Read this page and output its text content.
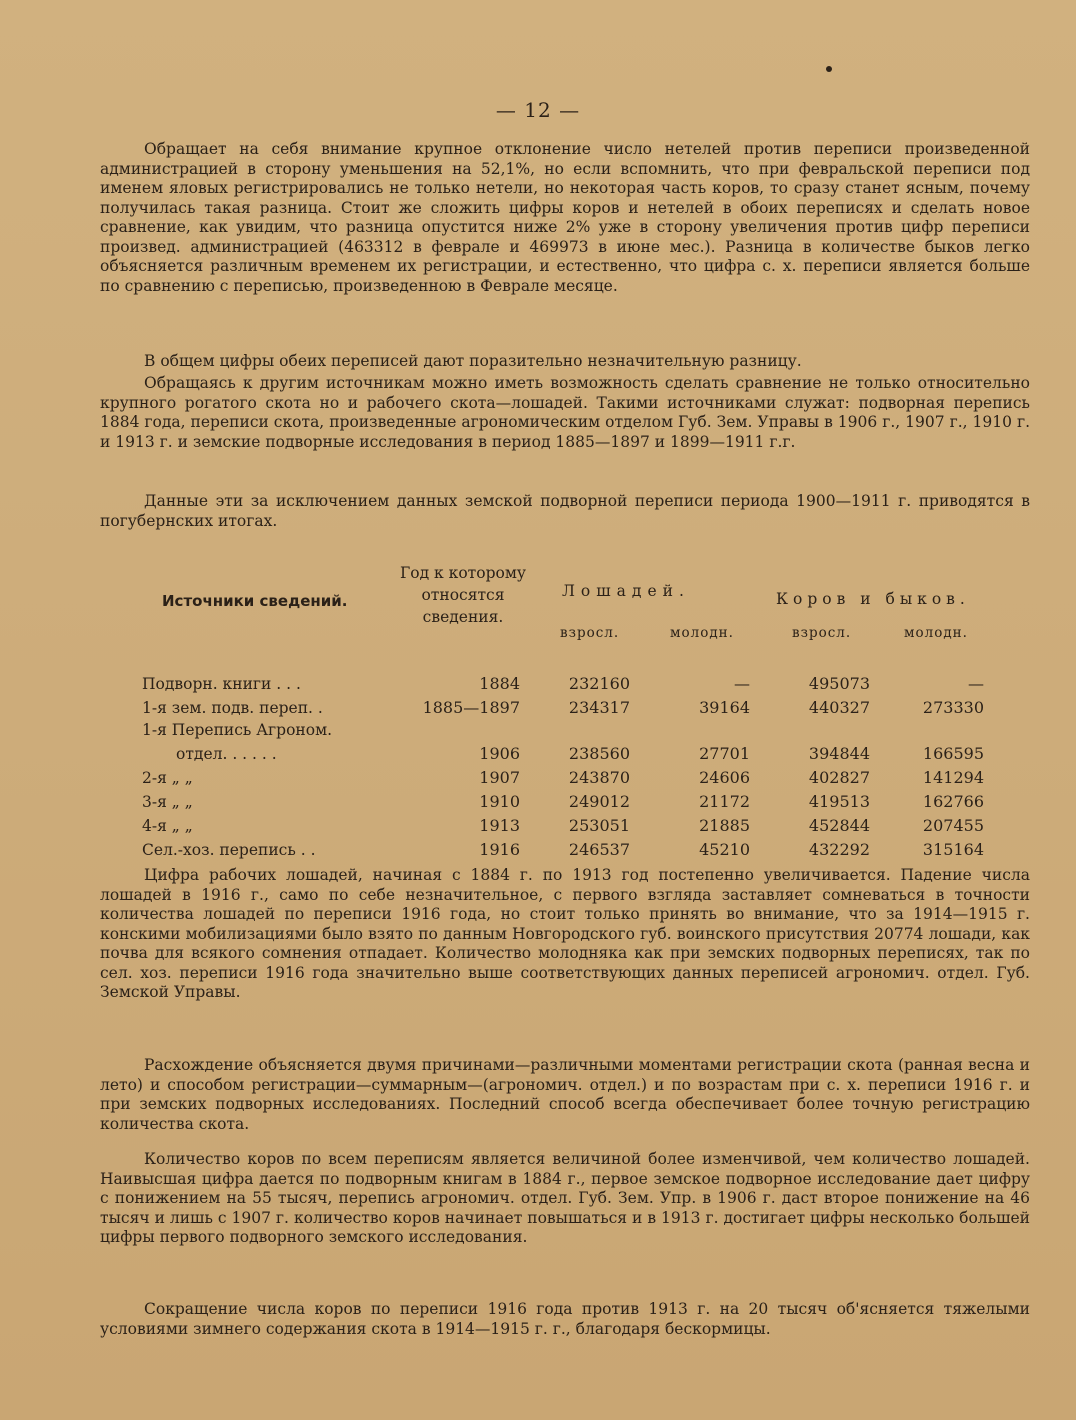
— 12 —

Обращает на себя внимание крупное отклонение число нетелей против переписи произведенной администрацией в сторону уменьшения на 52,1%, но если вспомнить, что при февральской переписи под именем яловых регистрировались не только нетели, но некоторая часть коров, то сразу станет ясным, почему получилась такая разница. Стоит же сложить цифры коров и нетелей в обоих переписях и сделать новое сравнение, как увидим, что разница опустится ниже 2% уже в сторону увеличения против цифр переписи произвед. администрацией (463312 в феврале и 469973 в июне мес.). Разница в количестве быков легко объясняется различным временем их регистрации, и естественно, что цифра с. х. переписи является больше по сравнению с переписью, произведенною в Феврале месяце.

В общем цифры обеих переписей дают поразительно незначительную разницу.

Обращаясь к другим источникам можно иметь возможность сделать сравнение не только относительно крупного рогатого скота но и рабочего скота—лошадей. Такими источниками служат: подворная перепись 1884 года, переписи скота, произведенные агрономическим отделом Губ. Зем. Управы в 1906 г., 1907 г., 1910 г. и 1913 г. и земские подворные исследования в период 1885—1897 и 1899—1911 г.г.

Данные эти за исключением данных земской подворной переписи периода 1900—1911 г. приводятся в погубернских итогах.

Источники сведений.
Год к которому относятся сведения.
Лошадей.	Коров и быков.
взросл.	молодн.	взросл.	молодн.
Подворн. книги . . .	1884	232160	—	495073	—
1-я зем. подв. переп. .	1885—1897	234317	39164	440327	273330
1-я Перепись Агроном.
отдел. . . . . .	1906	238560	27701	394844	166595
2-я „ „	1907	243870	24606	402827	141294
3-я „ „	1910	249012	21172	419513	162766
4-я „ „	1913	253051	21885	452844	207455
Сел.-хоз. перепись . .	1916	246537	45210	432292	315164

Цифра рабочих лошадей, начиная с 1884 г. по 1913 год постепенно увеличивается. Падение числа лошадей в 1916 г., само по себе незначительное, с первого взгляда заставляет сомневаться в точности количества лошадей по переписи 1916 года, но стоит только принять во внимание, что за 1914—1915 г. конскими мобилизациями было взято по данным Новгородского губ. воинского присутствия 20774 лошади, как почва для всякого сомнения отпадает. Количество молодняка как при земских подворных переписях, так по сел. хоз. переписи 1916 года значительно выше соответствующих данных переписей агрономич. отдел. Губ. Земской Управы.

Расхождение объясняется двумя причинами—различными моментами регистрации скота (ранная весна и лето) и способом регистрации—суммарным—(агрономич. отдел.) и по возрастам при с. х. переписи 1916 г. и при земских подворных исследованиях. Последний способ всегда обеспечивает более точную регистрацию количества скота.

Количество коров по всем переписям является величиной более изменчивой, чем количество лошадей. Наивысшая цифра дается по подворным книгам в 1884 г., первое земское подворное исследование дает цифру с понижением на 55 тысяч, перепись агрономич. отдел. Губ. Зем. Упр. в 1906 г. даст второе понижение на 46 тысяч и лишь с 1907 г. количество коров начинает повышаться и в 1913 г. достигает цифры несколько большей цифры первого подворного земского исследования.

Сокращение числа коров по переписи 1916 года против 1913 г. на 20 тысяч об'ясняется тяжелыми условиями зимнего содержания скота в 1914—1915 г. г., благодаря бескормицы.
